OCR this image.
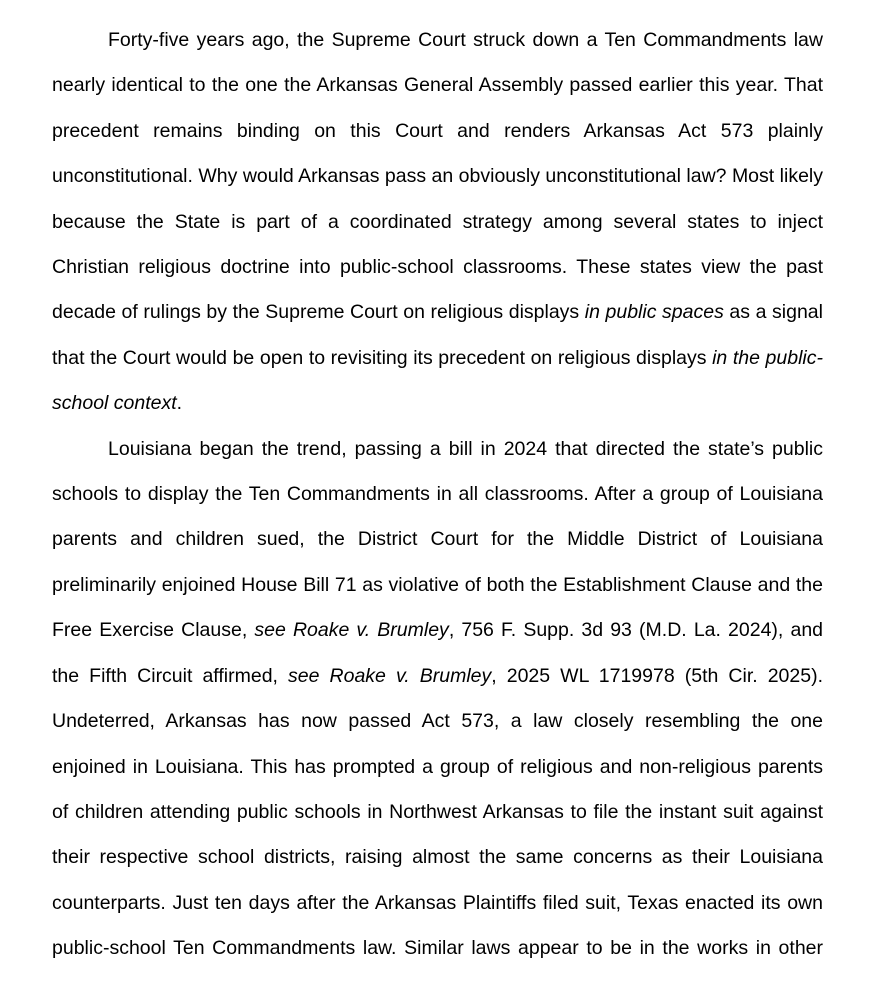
Forty-five years ago, the Supreme Court struck down a Ten Commandments law nearly identical to the one the Arkansas General Assembly passed earlier this year. That precedent remains binding on this Court and renders Arkansas Act 573 plainly unconstitutional. Why would Arkansas pass an obviously unconstitutional law? Most likely because the State is part of a coordinated strategy among several states to inject Christian religious doctrine into public-school classrooms. These states view the past decade of rulings by the Supreme Court on religious displays in public spaces as a signal that the Court would be open to revisiting its precedent on religious displays in the public-school context.

Louisiana began the trend, passing a bill in 2024 that directed the state’s public schools to display the Ten Commandments in all classrooms. After a group of Louisiana parents and children sued, the District Court for the Middle District of Louisiana preliminarily enjoined House Bill 71 as violative of both the Establishment Clause and the Free Exercise Clause, see Roake v. Brumley, 756 F. Supp. 3d 93 (M.D. La. 2024), and the Fifth Circuit affirmed, see Roake v. Brumley, 2025 WL 1719978 (5th Cir. 2025). Undeterred, Arkansas has now passed Act 573, a law closely resembling the one enjoined in Louisiana. This has prompted a group of religious and non-religious parents of children attending public schools in Northwest Arkansas to file the instant suit against their respective school districts, raising almost the same concerns as their Louisiana counterparts. Just ten days after the Arkansas Plaintiffs filed suit, Texas enacted its own public-school Ten Commandments law. Similar laws appear to be in the works in other
